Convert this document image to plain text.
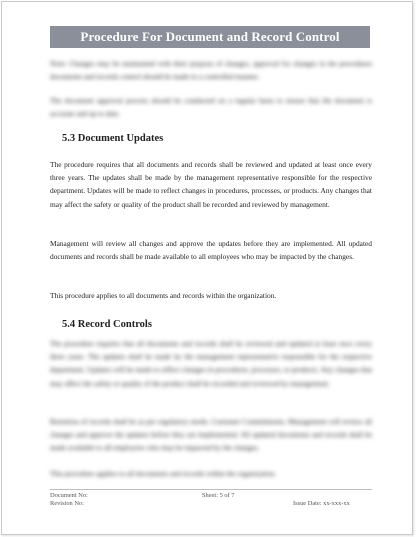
Procedure For Document and Record Control
Note: Changes may be maintained with their purpose of changes, approval for changes in the procedures documents and records control should be made in a controlled manner.
The document approval process should be conducted on a regular basis to ensure that the document is accurate and up to date.
5.3 Document Updates
The procedure requires that all documents and records shall be reviewed and updated at least once every three years. The updates shall be made by the management representative responsible for the respective department. Updates will be made to reflect changes in procedures, processes, or products. Any changes that may affect the safety or quality of the product shall be recorded and reviewed by management.
Management will review all changes and approve the updates before they are implemented. All updated documents and records shall be made available to all employees who may be impacted by the changes.
This procedure applies to all documents and records within the organization.
5.4 Record Controls
The procedure requires that all documents and records shall be reviewed and updated at least once every three years. The updates shall be made by the management representative responsible for the respective department. Updates will be made to reflect changes in procedures, processes, or products. Any changes that may affect the safety or quality of the product shall be recorded and reviewed by management.
Retention of records shall be as per regulatory needs. Customer Commitments. Management will review all changes and approve the updates before they are implemented. All updated documents and records shall be made available to all employees who may be impacted by the changes.
This procedure applies to all documents and records within the organization.
Document No:
Revision No:
Sheet: 5 of 7
Issue Date: xx-xxx-xx
